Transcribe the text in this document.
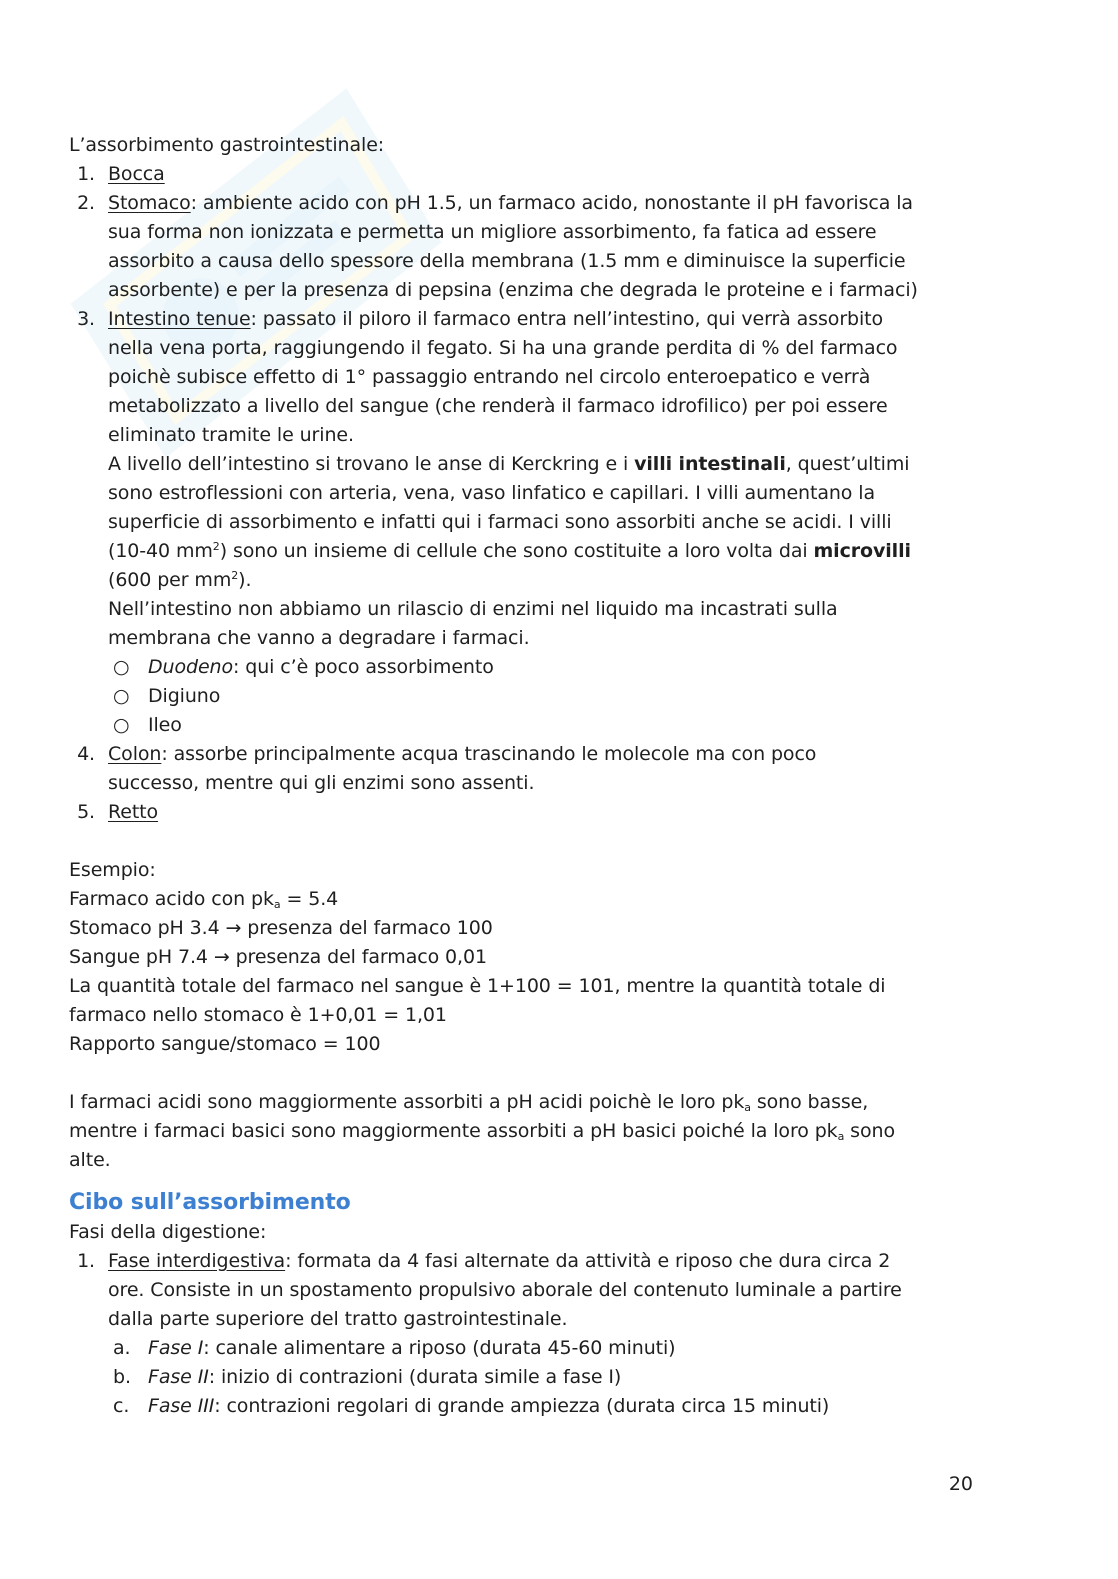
L’assorbimento gastrointestinale:
1. Bocca
2. Stomaco: ambiente acido con pH 1.5, un farmaco acido, nonostante il pH favorisca la
sua forma non ionizzata e permetta un migliore assorbimento, fa fatica ad essere
assorbito a causa dello spessore della membrana (1.5 mm e diminuisce la superficie
assorbente) e per la presenza di pepsina (enzima che degrada le proteine e i farmaci)
3. Intestino tenue: passato il piloro il farmaco entra nell’intestino, qui verrà assorbito
nella vena porta, raggiungendo il fegato. Si ha una grande perdita di % del farmaco
poichè subisce effetto di 1° passaggio entrando nel circolo enteroepatico e verrà
metabolizzato a livello del sangue (che renderà il farmaco idrofilico) per poi essere
eliminato tramite le urine.
A livello dell’intestino si trovano le anse di Kerckring e i villi intestinali, quest’ultimi
sono estroflessioni con arteria, vena, vaso linfatico e capillari. I villi aumentano la
superficie di assorbimento e infatti qui i farmaci sono assorbiti anche se acidi. I villi
(10-40 $mm^2$) sono un insieme di cellule che sono costituite a loro volta dai microvilli
(600 per $mm^2$).
Nell’intestino non abbiamo un rilascio di enzimi nel liquido ma incastrati sulla
membrana che vanno a degradare i farmaci.
○ Duodeno: qui c’è poco assorbimento
○ Digiuno
○ Ileo
4. Colon: assorbe principalmente acqua trascinando le molecole ma con poco
successo, mentre qui gli enzimi sono assenti.
5. Retto
Esempio:
Farmaco acido con $pk_a = 5.4$
Stomaco pH 3.4 → presenza del farmaco 100
Sangue pH 7.4 → presenza del farmaco 0,01
La quantità totale del farmaco nel sangue è 1+100 = 101, mentre la quantità totale di
farmaco nello stomaco è 1+0,01 = 1,01
Rapporto sangue/stomaco = 100
I farmaci acidi sono maggiormente assorbiti a pH acidi poichè le loro $pk_a$ sono basse,
mentre i farmaci basici sono maggiormente assorbiti a pH basici poiché la loro $pk_a$ sono
alte.
Cibo sull’assorbimento
Fasi della digestione:
1. Fase interdigestiva: formata da 4 fasi alternate da attività e riposo che dura circa 2
ore. Consiste in un spostamento propulsivo aborale del contenuto luminale a partire
dalla parte superiore del tratto gastrointestinale.
a. Fase I: canale alimentare a riposo (durata 45-60 minuti)
b. Fase II: inizio di contrazioni (durata simile a fase I)
c. Fase III: contrazioni regolari di grande ampiezza (durata circa 15 minuti)
20
